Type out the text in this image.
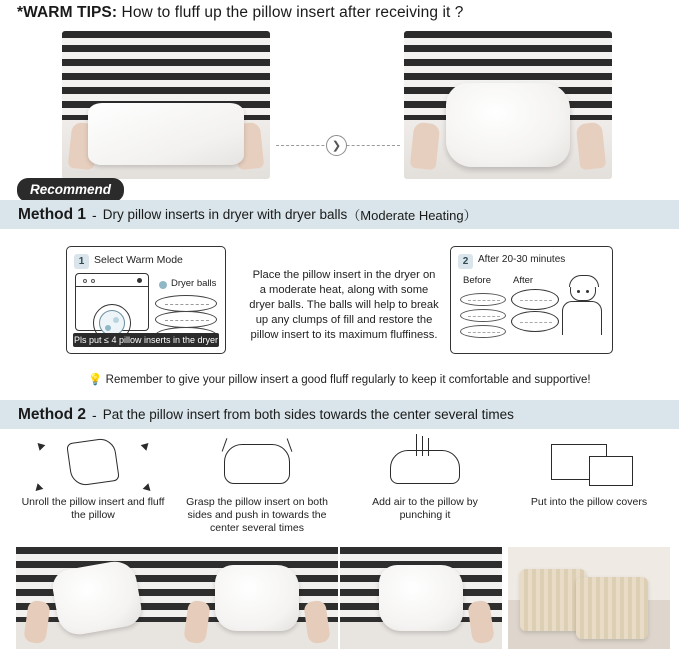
*WARM TIPS: How to fluff up the pillow insert after receiving it ?
❯
Recommend
Method 1 - Dry pillow inserts in dryer with dryer balls （Moderate Heating）
1 Select Warm Mode
Dryer balls
Pls put ≤ 4 pillow inserts in the dryer
Place the pillow insert in the dryer on a moderate heat, along with some dryer balls. The balls will help to break up any clumps of fill and restore the pillow insert to its maximum fluffiness.
2 After 20-30 minutes
Before After
💡 Remember to give your pillow insert a good fluff regularly to keep it comfortable and supportive!
Method 2 - Pat the pillow insert from both sides towards the center several times
Unroll the pillow insert and fluff the pillow
Grasp the pillow insert on both sides and push in towards the center several times
Add air to the pillow by punching it
Put into the pillow covers
